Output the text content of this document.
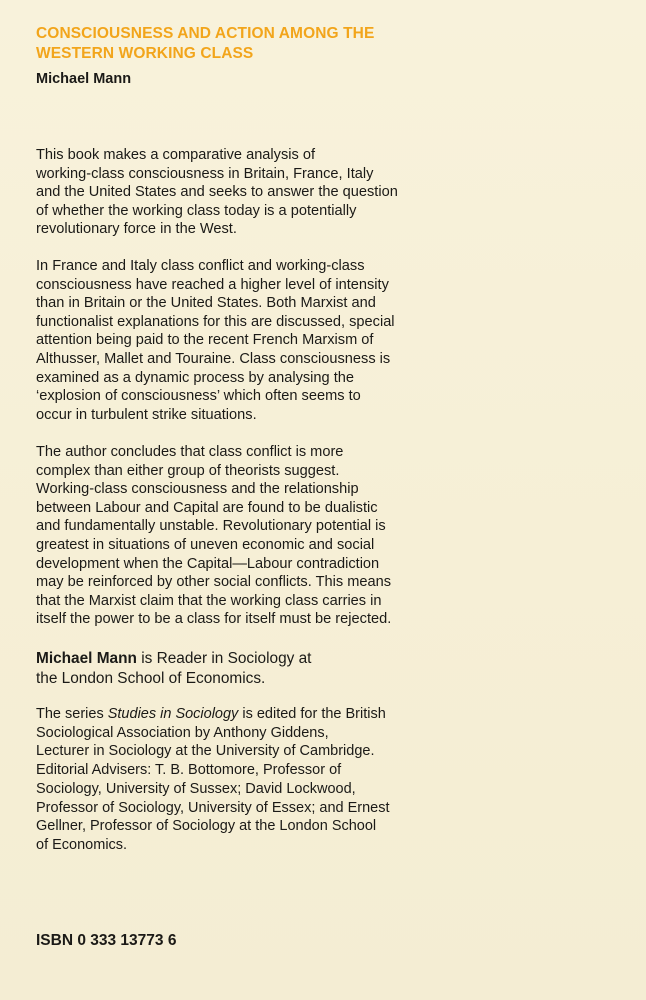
CONSCIOUSNESS AND ACTION AMONG THE
WESTERN WORKING CLASS
Michael Mann
This book makes a comparative analysis of
working-class consciousness in Britain, France, Italy
and the United States and seeks to answer the question
of whether the working class today is a potentially
revolutionary force in the West.
In France and Italy class conflict and working-class
consciousness have reached a higher level of intensity
than in Britain or the United States. Both Marxist and
functionalist explanations for this are discussed, special
attention being paid to the recent French Marxism of
Althusser, Mallet and Touraine. Class consciousness is
examined as a dynamic process by analysing the
‘explosion of consciousness’ which often seems to
occur in turbulent strike situations.
The author concludes that class conflict is more
complex than either group of theorists suggest.
Working-class consciousness and the relationship
between Labour and Capital are found to be dualistic
and fundamentally unstable. Revolutionary potential is
greatest in situations of uneven economic and social
development when the Capital—Labour contradiction
may be reinforced by other social conflicts. This means
that the Marxist claim that the working class carries in
itself the power to be a class for itself must be rejected.
Michael Mann is Reader in Sociology at
the London School of Economics.
The series Studies in Sociology is edited for the British
Sociological Association by Anthony Giddens,
Lecturer in Sociology at the University of Cambridge.
Editorial Advisers: T. B. Bottomore, Professor of
Sociology, University of Sussex; David Lockwood,
Professor of Sociology, University of Essex; and Ernest
Gellner, Professor of Sociology at the London School
of Economics.
ISBN 0 333 13773 6
